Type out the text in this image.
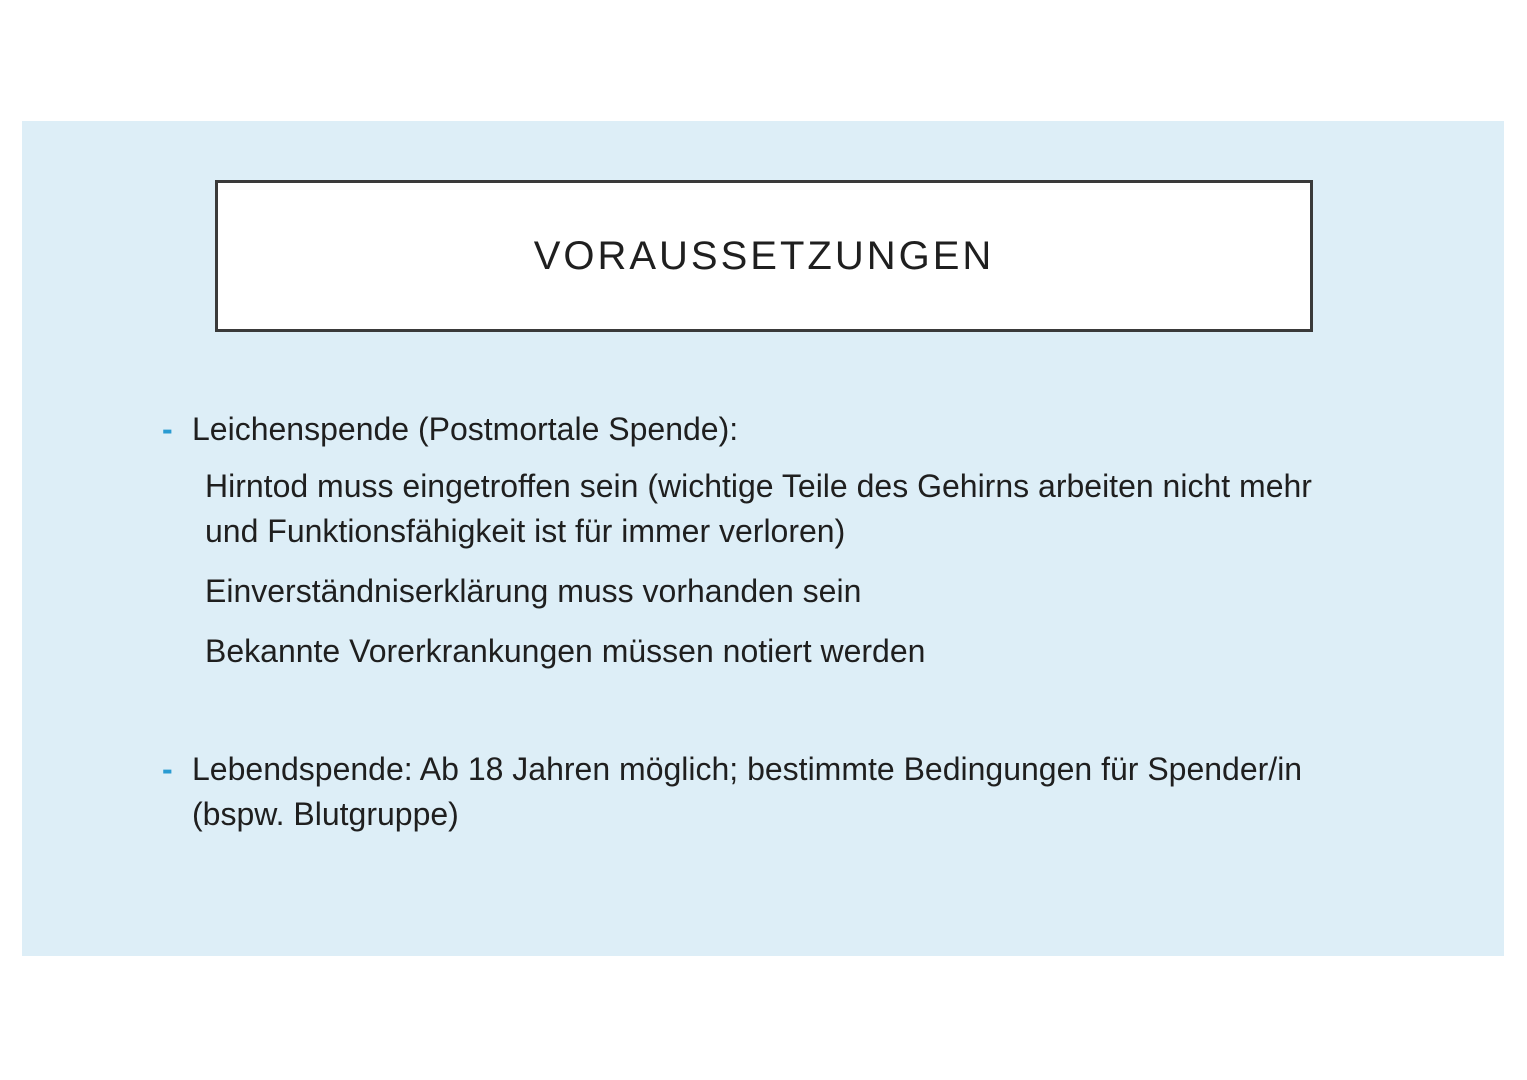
VORAUSSETZUNGEN
- Leichenspende (Postmortale Spende):
Hirntod muss eingetroffen sein (wichtige Teile des Gehirns arbeiten nicht mehr und Funktionsfähigkeit ist für immer verloren)
Einverständniserklärung muss vorhanden sein
Bekannte Vorerkrankungen müssen notiert werden
- Lebendspende: Ab 18 Jahren möglich; bestimmte Bedingungen für Spender/in (bspw. Blutgruppe)
